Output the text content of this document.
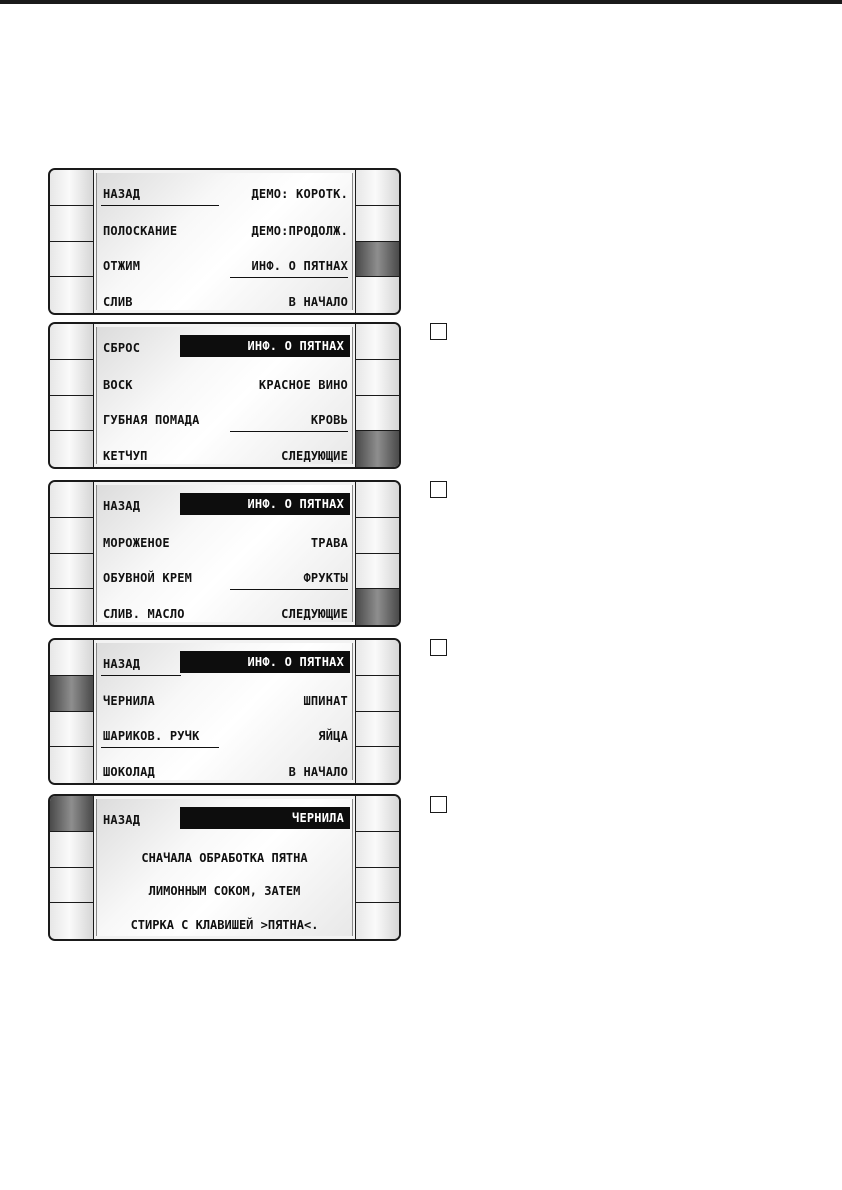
НАЗАД	ДЕМО: КОРОТК.
ПОЛОСКАНИЕ	ДЕМО:ПРОДОЛЖ.
ОТЖИМ	ИНФ. О ПЯТНАХ
СЛИВ	В НАЧАЛО
СБРОС	ИНФ. О ПЯТНАХ
ВОСК	КРАСНОЕ ВИНО
ГУБНАЯ ПОМАДА	КРОВЬ
КЕТЧУП	СЛЕДУЮЩИЕ
НАЗАД	ИНФ. О ПЯТНАХ
МОРОЖЕНОЕ	ТРАВА
ОБУВНОЙ КРЕМ	ФРУКТЫ
СЛИВ. МАСЛО	СЛЕДУЮЩИЕ
НАЗАД	ИНФ. О ПЯТНАХ
ЧЕРНИЛА	ШПИНАТ
ШАРИКОВ. РУЧК	ЯЙЦА
ШОКОЛАД	В НАЧАЛО
НАЗАД	ЧЕРНИЛА
СНАЧАЛА ОБРАБОТКА ПЯТНА
ЛИМОННЫМ СОКОМ, ЗАТЕМ
СТИРКА С КЛАВИШЕЙ >ПЯТНА<.
